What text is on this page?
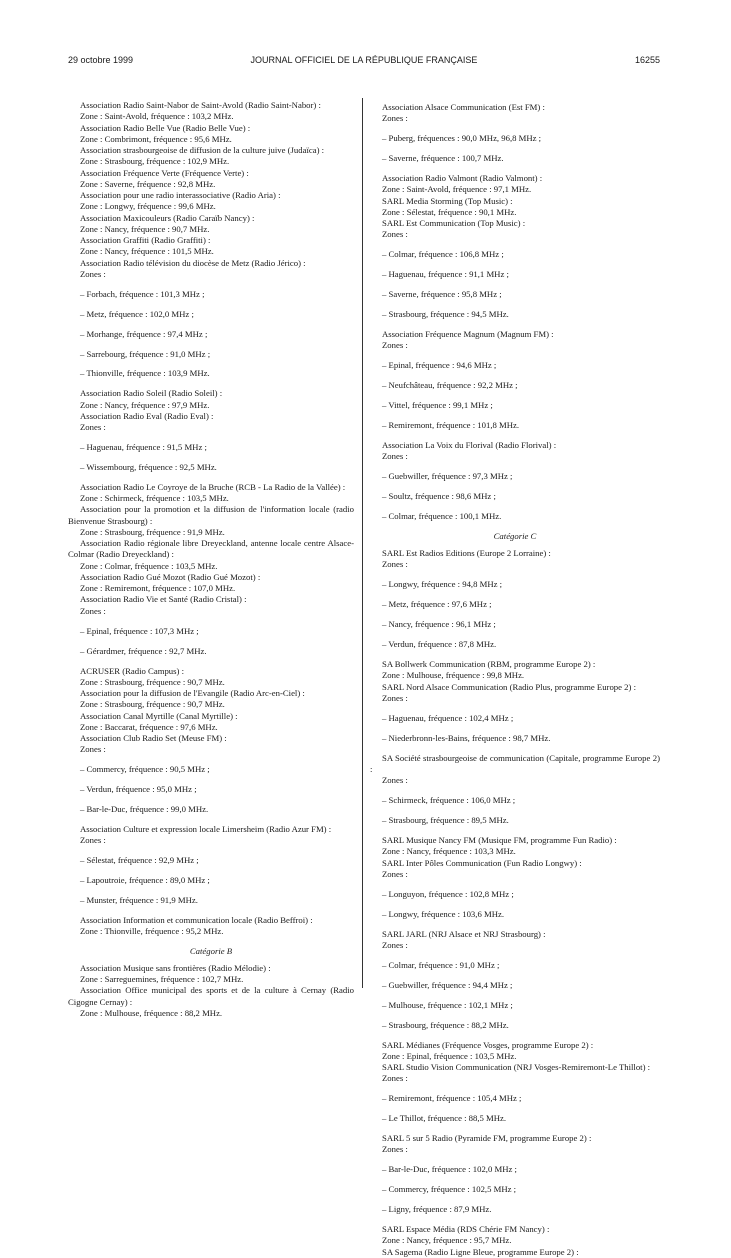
29 octobre 1999	JOURNAL OFFICIEL DE LA RÉPUBLIQUE FRANÇAISE	16255

Association Radio Saint-Nabor de Saint-Avold (Radio Saint-Nabor) :

Zone : Saint-Avold, fréquence : 103,2 MHz.

Association Radio Belle Vue (Radio Belle Vue) :

Zone : Combrimont, fréquence : 95,6 MHz.

Association strasbourgeoise de diffusion de la culture juive (Judaïca) :

Zone : Strasbourg, fréquence : 102,9 MHz.

Association Fréquence Verte (Fréquence Verte) :

Zone : Saverne, fréquence : 92,8 MHz.

Association pour une radio interassociative (Radio Aria) :

Zone : Longwy, fréquence : 99,6 MHz.

Association Maxicouleurs (Radio Caraïb Nancy) :

Zone : Nancy, fréquence : 90,7 MHz.

Association Graffiti (Radio Graffiti) :

Zone : Nancy, fréquence : 101,5 MHz.

Association Radio télévision du diocèse de Metz (Radio Jérico) :

Zones :

– Forbach, fréquence : 101,3 MHz ;

– Metz, fréquence : 102,0 MHz ;

– Morhange, fréquence : 97,4 MHz ;

– Sarrebourg, fréquence : 91,0 MHz ;

– Thionville, fréquence : 103,9 MHz.

Association Radio Soleil (Radio Soleil) :

Zone : Nancy, fréquence : 97,9 MHz.

Association Radio Eval (Radio Eval) :

Zones :

– Haguenau, fréquence : 91,5 MHz ;

– Wissembourg, fréquence : 92,5 MHz.

Association Radio Le Coyroye de la Bruche (RCB - La Radio de la Vallée) :

Zone : Schirmeck, fréquence : 103,5 MHz.

Association pour la promotion et la diffusion de l'information locale (radio Bienvenue Strasbourg) :

Zone : Strasbourg, fréquence : 91,9 MHz.

Association Radio régionale libre Dreyeckland, antenne locale centre Alsace-Colmar (Radio Dreyeckland) :

Zone : Colmar, fréquence : 103,5 MHz.

Association Radio Gué Mozot (Radio Gué Mozot) :

Zone : Remiremont, fréquence : 107,0 MHz.

Association Radio Vie et Santé (Radio Cristal) :

Zones :

– Epinal, fréquence : 107,3 MHz ;

– Gérardmer, fréquence : 92,7 MHz.

ACRUSER (Radio Campus) :

Zone : Strasbourg, fréquence : 90,7 MHz.

Association pour la diffusion de l'Evangile (Radio Arc-en-Ciel) :

Zone : Strasbourg, fréquence : 90,7 MHz.

Association Canal Myrtille (Canal Myrtille) :

Zone : Baccarat, fréquence : 97,6 MHz.

Association Club Radio Set (Meuse FM) :

Zones :

– Commercy, fréquence : 90,5 MHz ;

– Verdun, fréquence : 95,0 MHz ;

– Bar-le-Duc, fréquence : 99,0 MHz.

Association Culture et expression locale Limersheim (Radio Azur FM) :

Zones :

– Sélestat, fréquence : 92,9 MHz ;

– Lapoutroie, fréquence : 89,0 MHz ;

– Munster, fréquence : 91,9 MHz.

Association Information et communication locale (Radio Beffroi) :

Zone : Thionville, fréquence : 95,2 MHz.

Catégorie B

Association Musique sans frontières (Radio Mélodie) :

Zone : Sarreguemines, fréquence : 102,7 MHz.

Association Office municipal des sports et de la culture à Cernay (Radio Cigogne Cernay) :

Zone : Mulhouse, fréquence : 88,2 MHz.

Association Alsace Communication (Est FM) :

Zones :

– Puberg, fréquences : 90,0 MHz, 96,8 MHz ;

– Saverne, fréquence : 100,7 MHz.

Association Radio Valmont (Radio Valmont) :

Zone : Saint-Avold, fréquence : 97,1 MHz.

SARL Media Storming (Top Music) :

Zone : Sélestat, fréquence : 90,1 MHz.

SARL Est Communication (Top Music) :

Zones :

– Colmar, fréquence : 106,8 MHz ;

– Haguenau, fréquence : 91,1 MHz ;

– Saverne, fréquence : 95,8 MHz ;

– Strasbourg, fréquence : 94,5 MHz.

Association Fréquence Magnum (Magnum FM) :

Zones :

– Epinal, fréquence : 94,6 MHz ;

– Neufchâteau, fréquence : 92,2 MHz ;

– Vittel, fréquence : 99,1 MHz ;

– Remiremont, fréquence : 101,8 MHz.

Association La Voix du Florival (Radio Florival) :

Zones :

– Guebwiller, fréquence : 97,3 MHz ;

– Soultz, fréquence : 98,6 MHz ;

– Colmar, fréquence : 100,1 MHz.

Catégorie C

SARL Est Radios Editions (Europe 2 Lorraine) :

Zones :

– Longwy, fréquence : 94,8 MHz ;

– Metz, fréquence : 97,6 MHz ;

– Nancy, fréquence : 96,1 MHz ;

– Verdun, fréquence : 87,8 MHz.

SA Bollwerk Communication (RBM, programme Europe 2) :

Zone : Mulhouse, fréquence : 99,8 MHz.

SARL Nord Alsace Communication (Radio Plus, programme Europe 2) :

Zones :

– Haguenau, fréquence : 102,4 MHz ;

– Niederbronn-les-Bains, fréquence : 98,7 MHz.

SA Société strasbourgeoise de communication (Capitale, programme Europe 2) :

Zones :

– Schirmeck, fréquence : 106,0 MHz ;

– Strasbourg, fréquence : 89,5 MHz.

SARL Musique Nancy FM (Musique FM, programme Fun Radio) :

Zone : Nancy, fréquence : 103,3 MHz.

SARL Inter Pôles Communication (Fun Radio Longwy) :

Zones :

– Longuyon, fréquence : 102,8 MHz ;

– Longwy, fréquence : 103,6 MHz.

SARL JARL (NRJ Alsace et NRJ Strasbourg) :

Zones :

– Colmar, fréquence : 91,0 MHz ;

– Guebwiller, fréquence : 94,4 MHz ;

– Mulhouse, fréquence : 102,1 MHz ;

– Strasbourg, fréquence : 88,2 MHz.

SARL Médianes (Fréquence Vosges, programme Europe 2) :

Zone : Epinal, fréquence : 103,5 MHz.

SARL Studio Vision Communication (NRJ Vosges-Remiremont-Le Thillot) :

Zones :

– Remiremont, fréquence : 105,4 MHz ;

– Le Thillot, fréquence : 88,5 MHz.

SARL 5 sur 5 Radio (Pyramide FM, programme Europe 2) :

Zones :

– Bar-le-Duc, fréquence : 102,0 MHz ;

– Commercy, fréquence : 102,5 MHz ;

– Ligny, fréquence : 87,9 MHz.

SARL Espace Média (RDS Chérie FM Nancy) :

Zone : Nancy, fréquence : 95,7 MHz.

SA Sagema (Radio Ligne Bleue, programme Europe 2) :
